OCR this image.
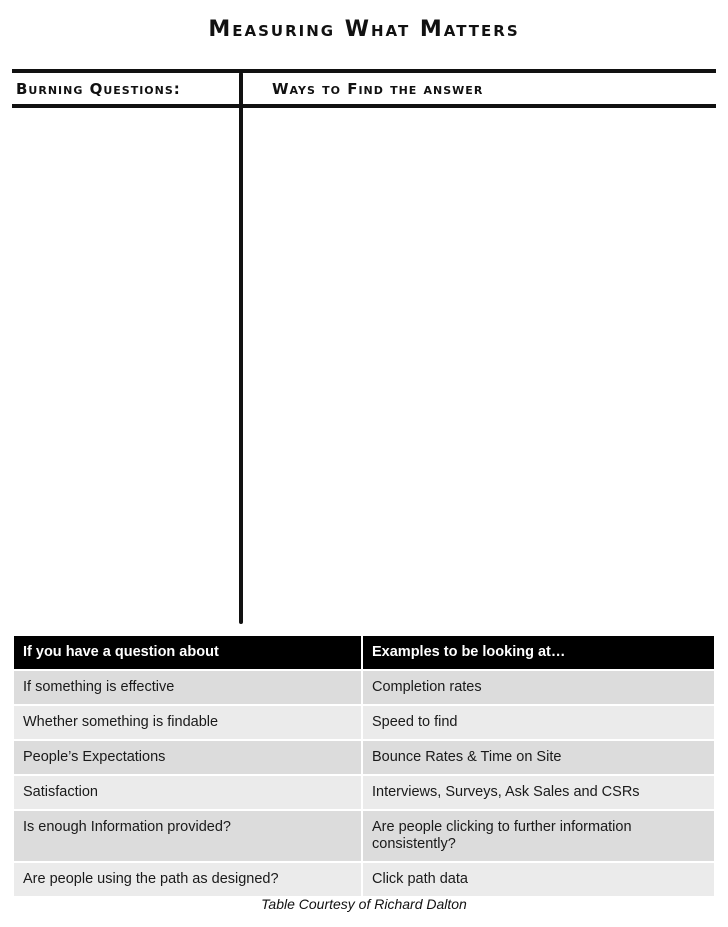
Measuring What Matters
Burning Questions:	Ways to Find the answer
If you have a question about	Examples to be looking at…
If something is effective	Completion rates
Whether something is findable	Speed to find
People’s Expectations	Bounce Rates & Time on Site
Satisfaction	Interviews, Surveys, Ask Sales and CSRs
Is enough Information provided?	Are people clicking to further information consistently?
Are people using the path as designed?	Click path data
Table Courtesy of Richard Dalton
